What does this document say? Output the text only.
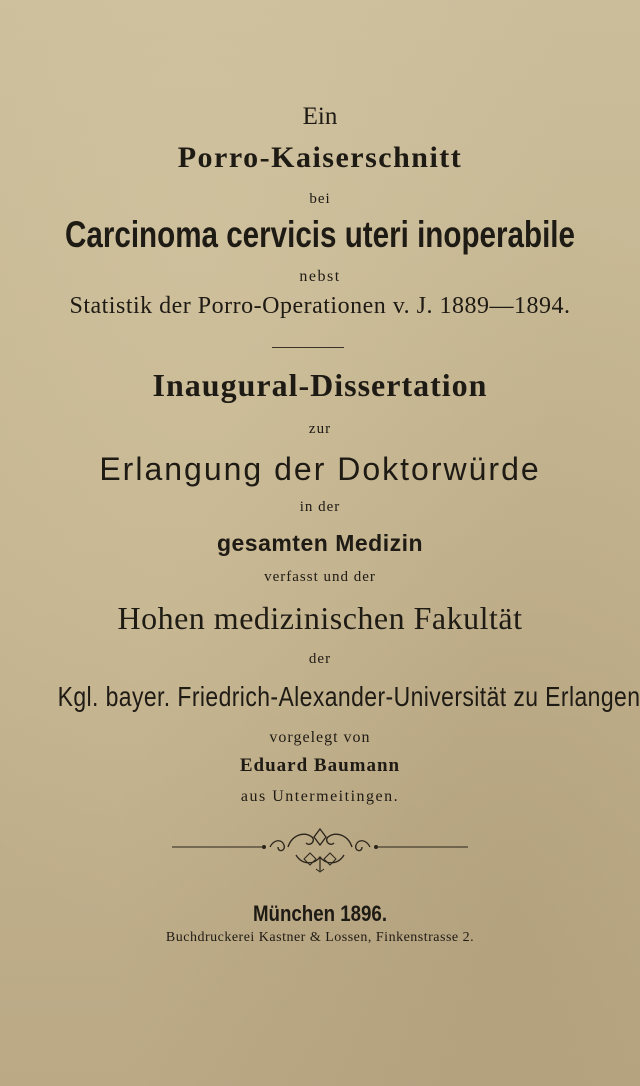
Ein
Porro-Kaiserschnitt
bei
Carcinoma cervicis uteri inoperabile
nebst
Statistik der Porro-Operationen v. J. 1889—1894.
Inaugural-Dissertation
zur
Erlangung der Doktorwürde
in der
gesamten Medizin
verfasst und der
Hohen medizinischen Fakultät
der
Kgl. bayer. Friedrich-Alexander-Universität zu Erlangen
vorgelegt von
Eduard Baumann
aus Untermeitingen.
München 1896.
Buchdruckerei Kastner & Lossen, Finkenstrasse 2.
